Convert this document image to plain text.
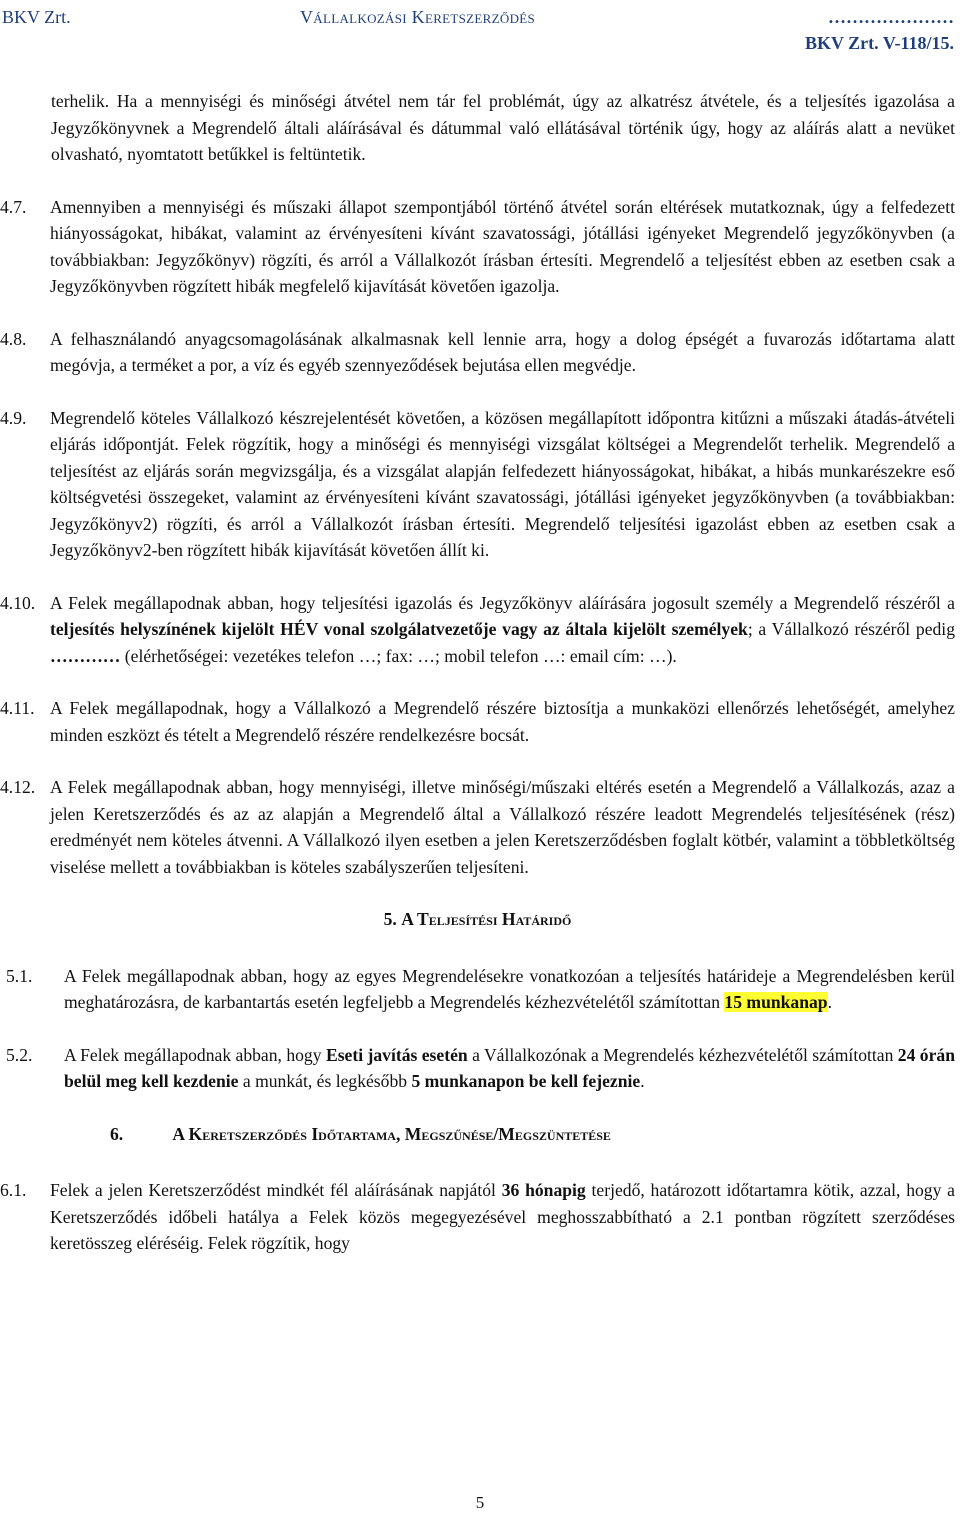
BKV Zrt.	Vállalkozási Keretszerződés	…………………
BKV Zrt. V-118/15.
terhelik. Ha a mennyiségi és minőségi átvétel nem tár fel problémát, úgy az alkatrész átvétele, és a teljesítés igazolása a Jegyzőkönyvnek a Megrendelő általi aláírásával és dátummal való ellátásával történik úgy, hogy az aláírás alatt a nevüket olvasható, nyomtatott betűkkel is feltüntetik.
4.7.	Amennyiben a mennyiségi és műszaki állapot szempontjából történő átvétel során eltérések mutatkoznak, úgy a felfedezett hiányosságokat, hibákat, valamint az érvényesíteni kívánt szavatossági, jótállási igényeket Megrendelő jegyzőkönyvben (a továbbiakban: Jegyzőkönyv) rögzíti, és arról a Vállalkozót írásban értesíti. Megrendelő a teljesítést ebben az esetben csak a Jegyzőkönyvben rögzített hibák megfelelő kijavítását követően igazolja.
4.8.	A felhasználandó anyagcsomagolásának alkalmasnak kell lennie arra, hogy a dolog épségét a fuvarozás időtartama alatt megóvja, a terméket a por, a víz és egyéb szennyeződések bejutása ellen megvédje.
4.9.	Megrendelő köteles Vállalkozó készrejelentését követően, a közösen megállapított időpontra kitűzni a műszaki átadás-átvételi eljárás időpontját. Felek rögzítik, hogy a minőségi és mennyiségi vizsgálat költségei a Megrendelőt terhelik. Megrendelő a teljesítést az eljárás során megvizsgálja, és a vizsgálat alapján felfedezett hiányosságokat, hibákat, a hibás munkarészekre eső költségvetési összegeket, valamint az érvényesíteni kívánt szavatossági, jótállási igényeket jegyzőkönyvben (a továbbiakban: Jegyzőkönyv2) rögzíti, és arról a Vállalkozót írásban értesíti. Megrendelő teljesítési igazolást ebben az esetben csak a Jegyzőkönyv2-ben rögzített hibák kijavítását követően állít ki.
4.10. A Felek megállapodnak abban, hogy teljesítési igazolás és Jegyzőkönyv aláírására jogosult személy a Megrendelő részéről a teljesítés helyszínének kijelölt HÉV vonal szolgálatvezetője vagy az általa kijelölt személyek; a Vállalkozó részéről pedig ………… (elérhetőségei: vezetékes telefon …; fax: …; mobil telefon …: email cím: …).
4.11. A Felek megállapodnak, hogy a Vállalkozó a Megrendelő részére biztosítja a munkaközi ellenőrzés lehetőségét, amelyhez minden eszközt és tételt a Megrendelő részére rendelkezésre bocsát.
4.12. A Felek megállapodnak abban, hogy mennyiségi, illetve minőségi/műszaki eltérés esetén a Megrendelő a Vállalkozás, azaz a jelen Keretszerződés és az az alapján a Megrendelő által a Vállalkozó részére leadott Megrendelés teljesítésének (rész) eredményét nem köteles átvenni. A Vállalkozó ilyen esetben a jelen Keretszerződésben foglalt kötbér, valamint a többletköltség viselése mellett a továbbiakban is köteles szabályszerűen teljesíteni.
5. A Teljesítési Határidő
5.1.	A Felek megállapodnak abban, hogy az egyes Megrendelésekre vonatkozóan a teljesítés határideje a Megrendelésben kerül meghatározásra, de karbantartás esetén legfeljebb a Megrendelés kézhezvételétől számítottan 15 munkanap.
5.2.	A Felek megállapodnak abban, hogy Eseti javítás esetén a Vállalkozónak a Megrendelés kézhezvételétől számítottan 24 órán belül meg kell kezdenie a munkát, és legkésőbb 5 munkanapon be kell fejeznie.
6.	A Keretszerződés Időtartama, Megszűnése/Megszüntetése
6.1.	Felek a jelen Keretszerződést mindkét fél aláírásának napjától 36 hónapig terjedő, határozott időtartamra kötik, azzal, hogy a Keretszerződés időbeli hatálya a Felek közös megegyezésével meghosszabbítható a 2.1 pontban rögzített szerződéses keretösszeg eléréséig. Felek rögzítik, hogy
5
